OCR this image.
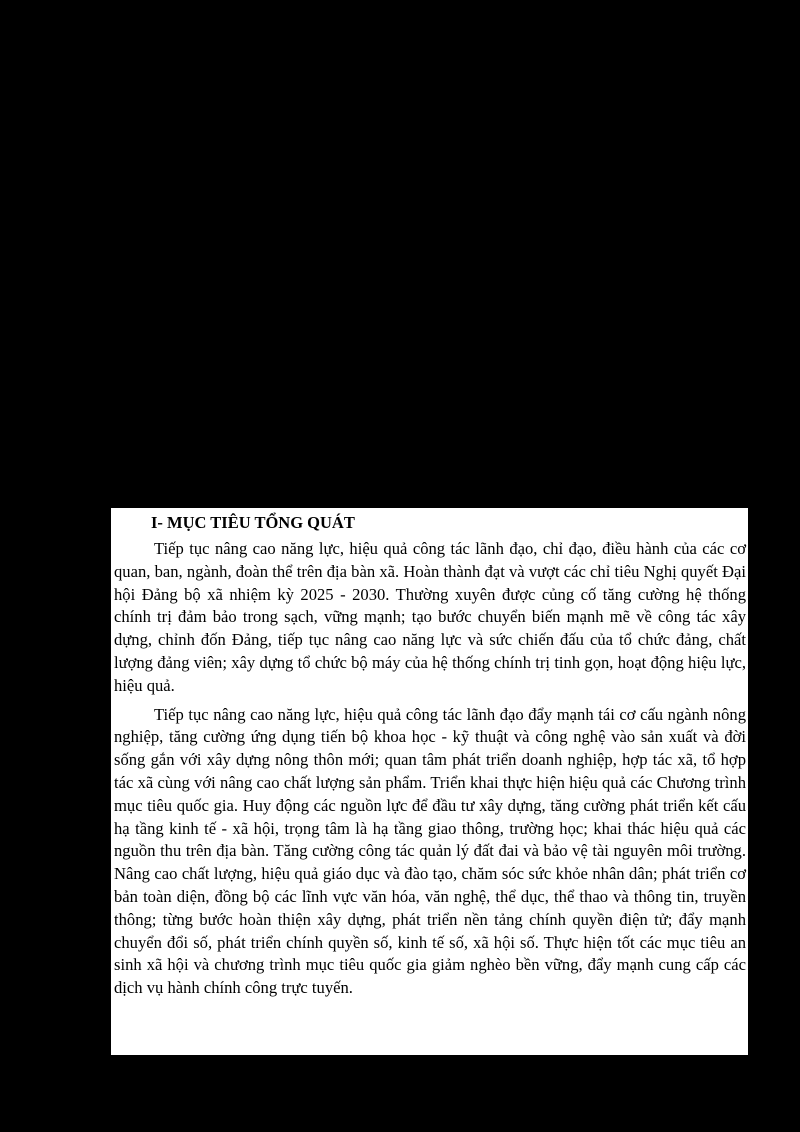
I- MỤC TIÊU TỔNG QUÁT

Tiếp tục nâng cao năng lực, hiệu quả công tác lãnh đạo, chỉ đạo, điều hành của các cơ quan, ban, ngành, đoàn thể trên địa bàn xã. Hoàn thành đạt và vượt các chỉ tiêu Nghị quyết Đại hội Đảng bộ xã nhiệm kỳ 2025 - 2030. Thường xuyên được củng cố tăng cường hệ thống chính trị đảm bảo trong sạch, vững mạnh; tạo bước chuyển biến mạnh mẽ về công tác xây dựng, chỉnh đốn Đảng, tiếp tục nâng cao năng lực và sức chiến đấu của tổ chức đảng, chất lượng đảng viên; xây dựng tổ chức bộ máy của hệ thống chính trị tinh gọn, hoạt động hiệu lực, hiệu quả.

Tiếp tục nâng cao năng lực, hiệu quả công tác lãnh đạo đẩy mạnh tái cơ cấu ngành nông nghiệp, tăng cường ứng dụng tiến bộ khoa học - kỹ thuật và công nghệ vào sản xuất và đời sống gắn với xây dựng nông thôn mới; quan tâm phát triển doanh nghiệp, hợp tác xã, tổ hợp tác xã cùng với nâng cao chất lượng sản phẩm. Triển khai thực hiện hiệu quả các Chương trình mục tiêu quốc gia. Huy động các nguồn lực để đầu tư xây dựng, tăng cường phát triển kết cấu hạ tầng kinh tế - xã hội, trọng tâm là hạ tầng giao thông, trường học; khai thác hiệu quả các nguồn thu trên địa bàn. Tăng cường công tác quản lý đất đai và bảo vệ tài nguyên môi trường. Nâng cao chất lượng, hiệu quả giáo dục và đào tạo, chăm sóc sức khỏe nhân dân; phát triển cơ bản toàn diện, đồng bộ các lĩnh vực văn hóa, văn nghệ, thể dục, thể thao và thông tin, truyền thông; từng bước hoàn thiện xây dựng, phát triển nền tảng chính quyền điện tử; đẩy mạnh chuyển đổi số, phát triển chính quyền số, kinh tế số, xã hội số. Thực hiện tốt các mục tiêu an sinh xã hội và chương trình mục tiêu quốc gia giảm nghèo bền vững, đẩy mạnh cung cấp các dịch vụ hành chính công trực tuyến.
